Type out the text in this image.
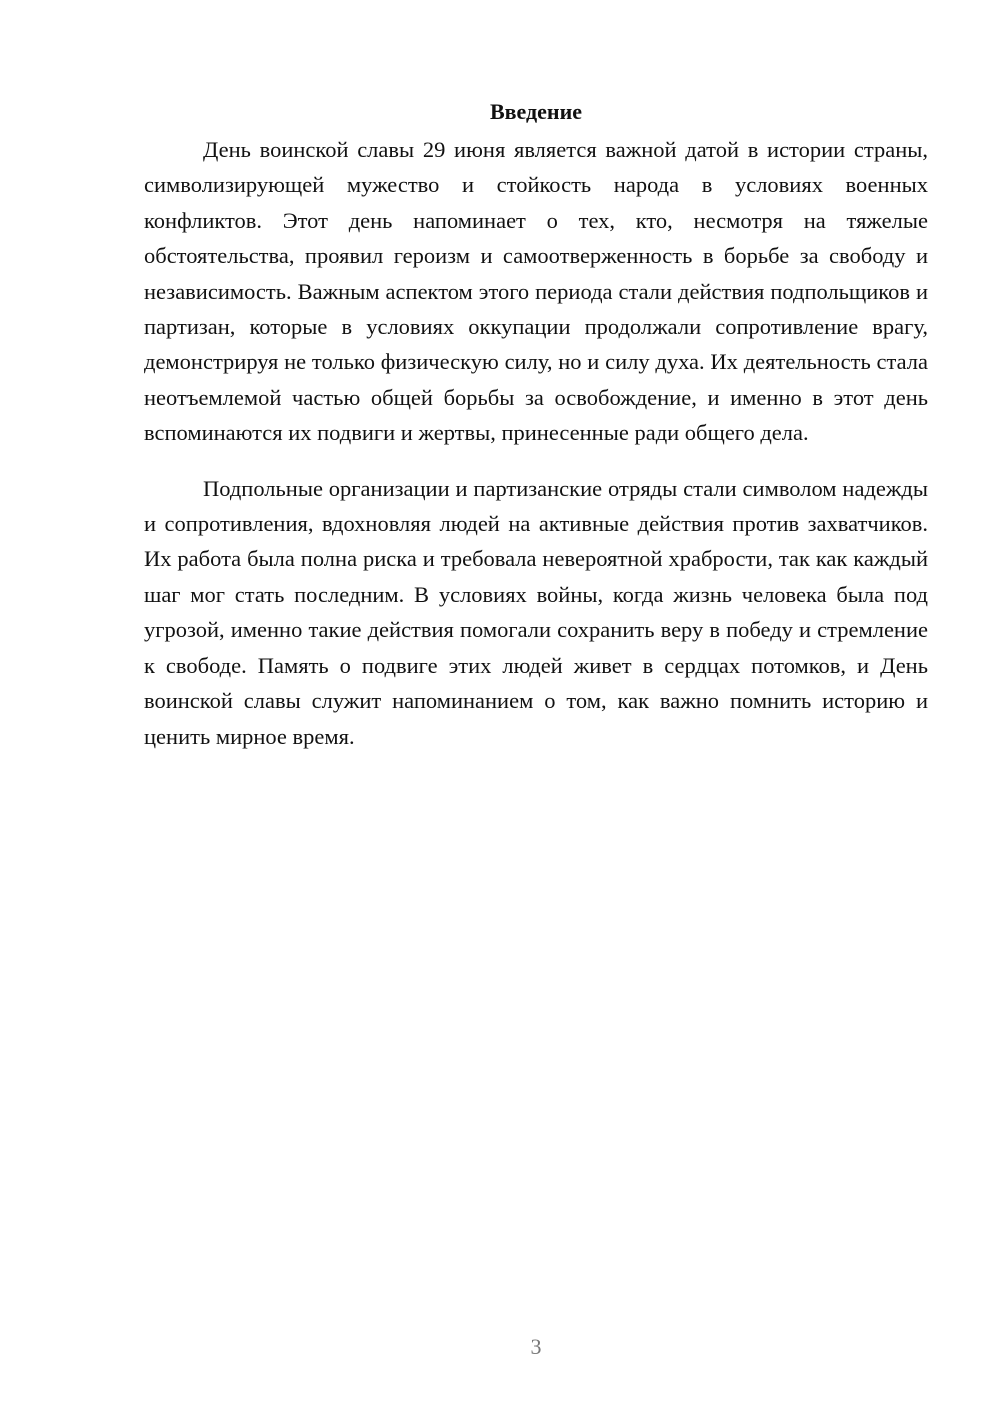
Введение

День воинской славы 29 июня является важной датой в истории страны, символизирующей мужество и стойкость народа в условиях военных конфликтов. Этот день напоминает о тех, кто, несмотря на тяжелые обстоятельства, проявил героизм и самоотверженность в борьбе за свободу и независимость. Важным аспектом этого периода стали действия подпольщиков и партизан, которые в условиях оккупации продолжали сопротивление врагу, демонстрируя не только физическую силу, но и силу духа. Их деятельность стала неотъемлемой частью общей борьбы за освобождение, и именно в этот день вспоминаются их подвиги и жертвы, принесенные ради общего дела.

Подпольные организации и партизанские отряды стали символом надежды и сопротивления, вдохновляя людей на активные действия против захватчиков. Их работа была полна риска и требовала невероятной храбрости, так как каждый шаг мог стать последним. В условиях войны, когда жизнь человека была под угрозой, именно такие действия помогали сохранить веру в победу и стремление к свободе. Память о подвиге этих людей живет в сердцах потомков, и День воинской славы служит напоминанием о том, как важно помнить историю и ценить мирное время.

3
